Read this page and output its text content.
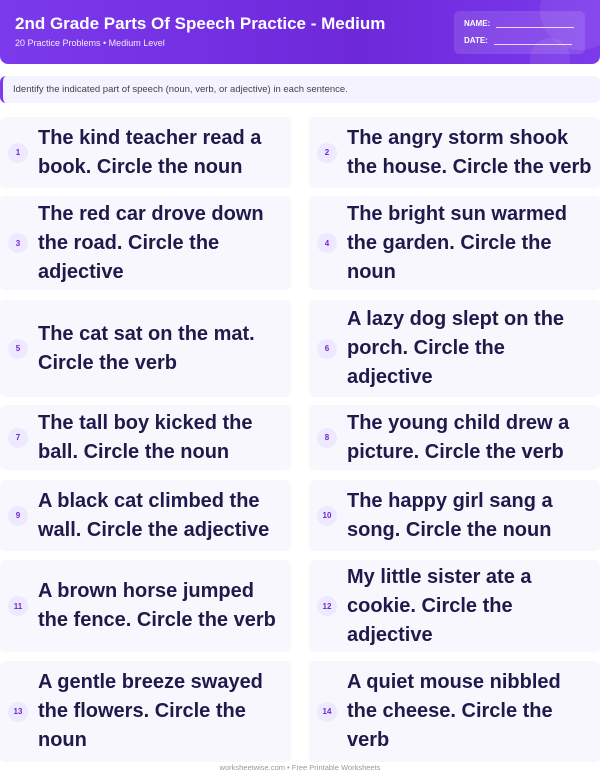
2nd Grade Parts Of Speech Practice - Medium
20 Practice Problems • Medium Level
NAME:
DATE:
Identify the indicated part of speech (noun, verb, or adjective) in each sentence.
1
The kind teacher read a book. Circle the noun
2
The angry storm shook the house. Circle the verb
3
The red car drove down the road. Circle the adjective
4
The bright sun warmed the garden. Circle the noun
5
The cat sat on the mat. Circle the verb
6
A lazy dog slept on the porch. Circle the adjective
7
The tall boy kicked the ball. Circle the noun
8
The young child drew a picture. Circle the verb
9
A black cat climbed the wall. Circle the adjective
10
The happy girl sang a song. Circle the noun
11
A brown horse jumped the fence. Circle the verb
12
My little sister ate a cookie. Circle the adjective
13
A gentle breeze swayed the flowers. Circle the noun
14
A quiet mouse nibbled the cheese. Circle the verb
worksheetwise.com • Free Printable Worksheets
